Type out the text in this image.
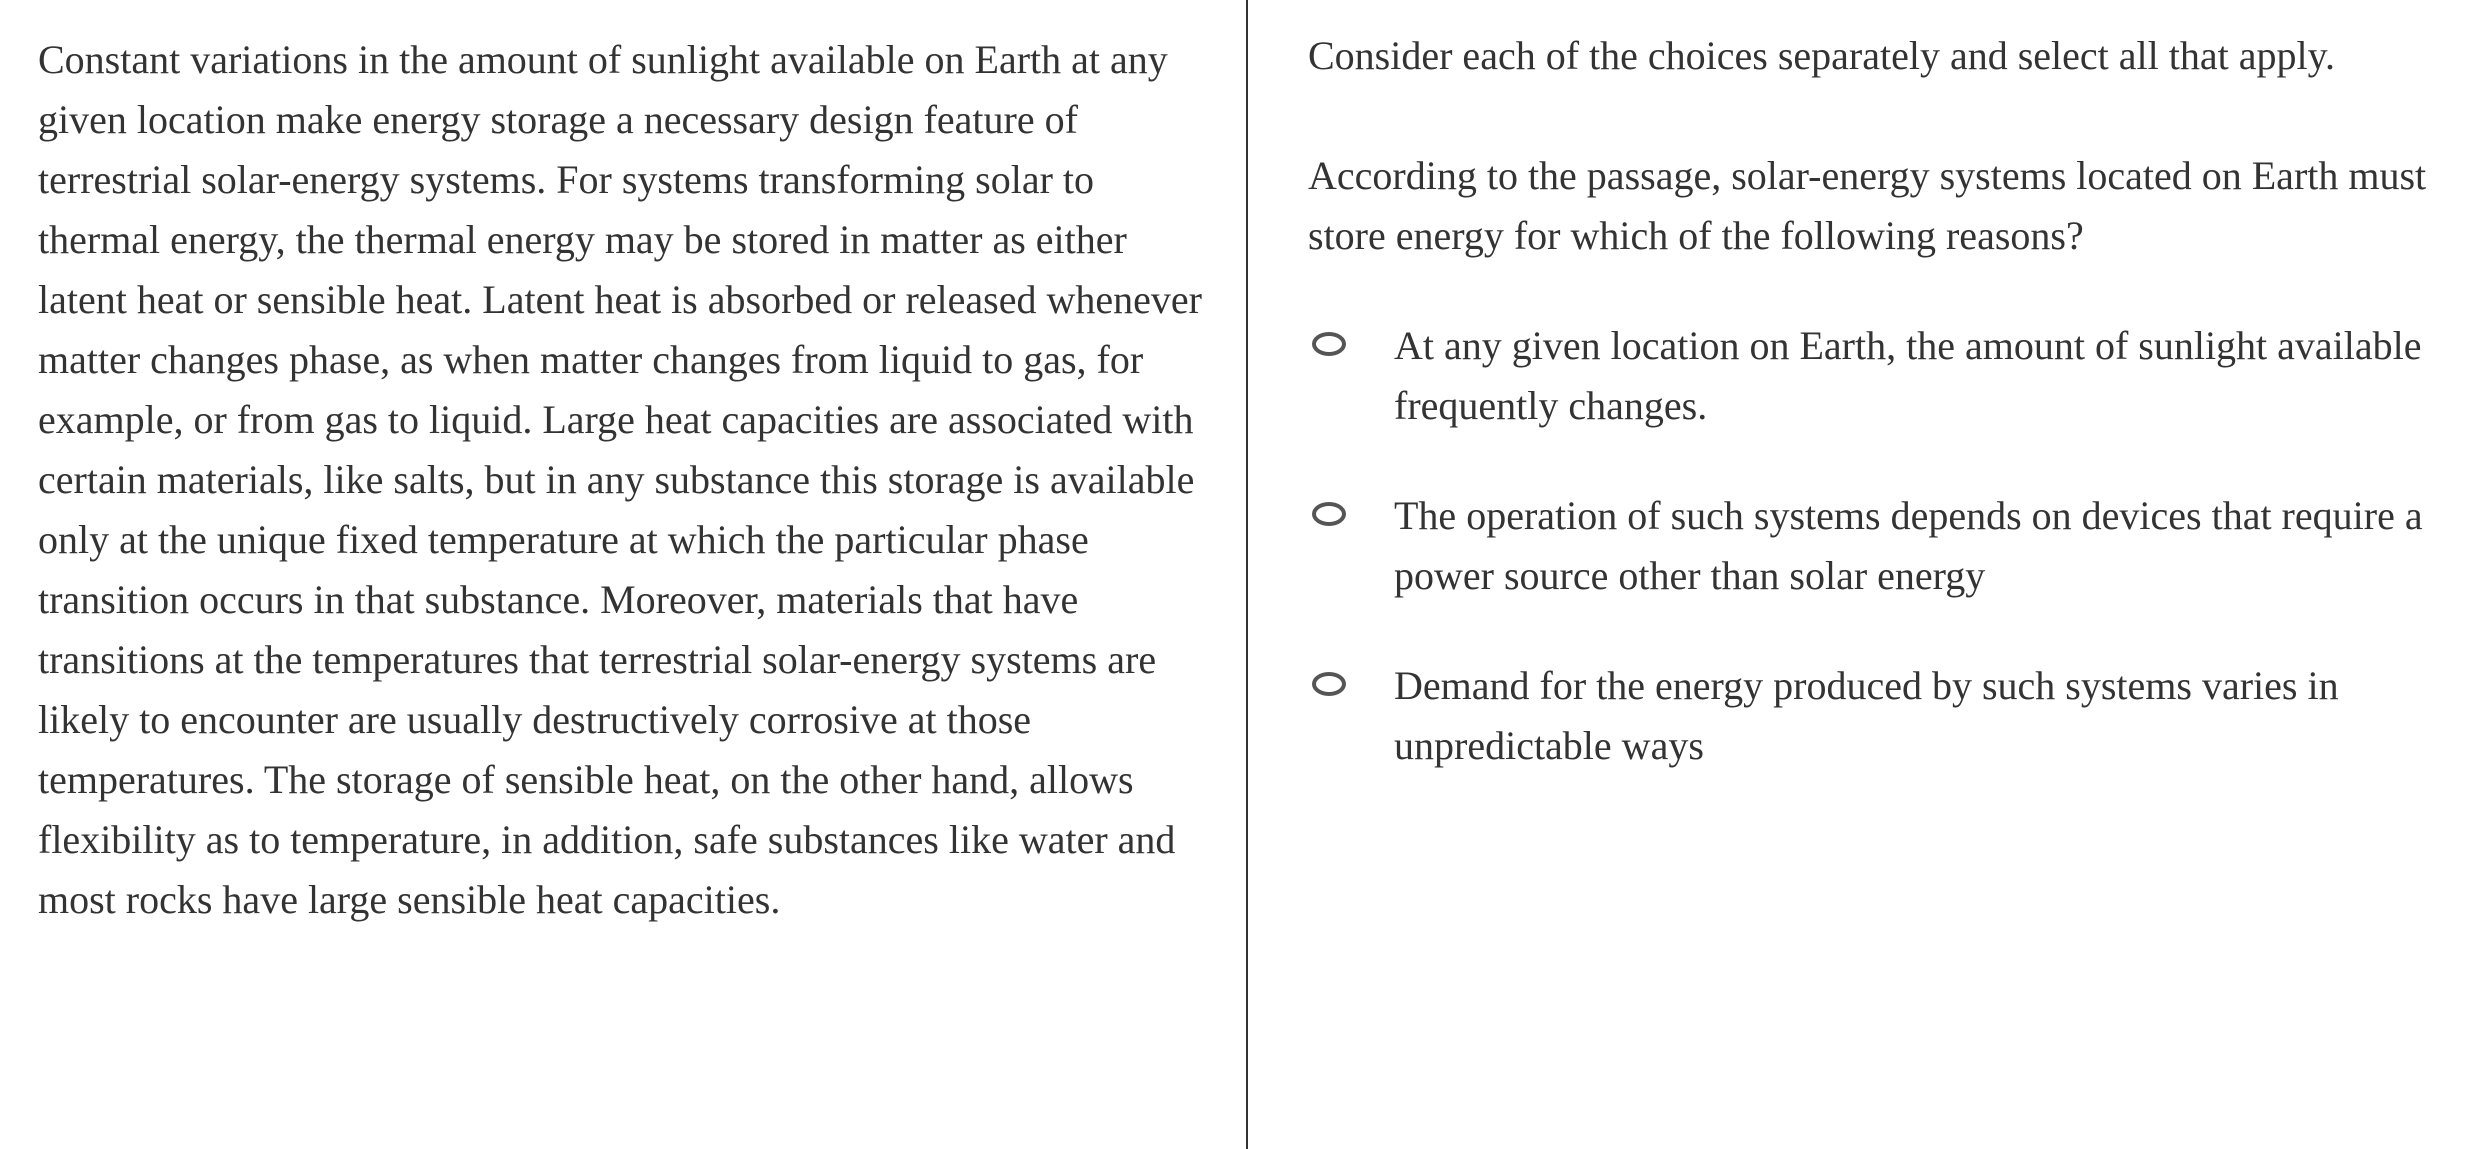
Constant variations in the amount of sunlight available on Earth at any given location make energy storage a necessary design feature of terrestrial solar-energy systems. For systems transforming solar to thermal energy, the thermal energy may be stored in matter as either latent heat or sensible heat. Latent heat is absorbed or released whenever matter changes phase, as when matter changes from liquid to gas, for example, or from gas to liquid. Large heat capacities are associated with certain materials, like salts, but in any substance this storage is available only at the unique fixed temperature at which the particular phase transition occurs in that substance. Moreover, materials that have transitions at the temperatures that terrestrial solar-energy systems are likely to encounter are usually destructively corrosive at those temperatures. The storage of sensible heat, on the other hand, allows flexibility as to temperature, in addition, safe substances like water and most rocks have large sensible heat capacities.

Consider each of the choices separately and select all that apply.

According to the passage, solar-energy systems located on Earth must store energy for which of the following reasons?

At any given location on Earth, the amount of sunlight available frequently changes.
The operation of such systems depends on devices that require a power source other than solar energy
Demand for the energy produced by such systems varies in unpredictable ways
